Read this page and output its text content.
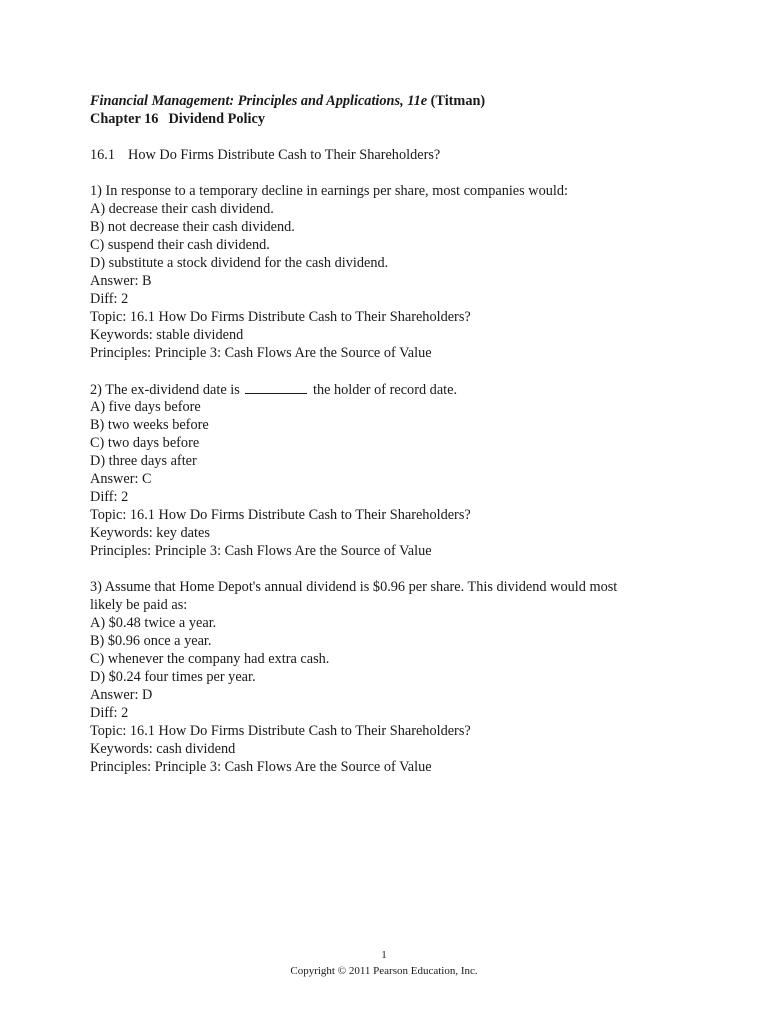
Financial Management: Principles and Applications, 11e (Titman)
Chapter 16 Dividend Policy
16.1 How Do Firms Distribute Cash to Their Shareholders?
1) In response to a temporary decline in earnings per share, most companies would:
A) decrease their cash dividend.
B) not decrease their cash dividend.
C) suspend their cash dividend.
D) substitute a stock dividend for the cash dividend.
Answer: B
Diff: 2
Topic: 16.1 How Do Firms Distribute Cash to Their Shareholders?
Keywords: stable dividend
Principles: Principle 3: Cash Flows Are the Source of Value
2) The ex-dividend date is	the holder of record date.
A) five days before
B) two weeks before
C) two days before
D) three days after
Answer: C
Diff: 2
Topic: 16.1 How Do Firms Distribute Cash to Their Shareholders?
Keywords: key dates
Principles: Principle 3: Cash Flows Are the Source of Value
3) Assume that Home Depot's annual dividend is $0.96 per share. This dividend would most
likely be paid as:
A) $0.48 twice a year.
B) $0.96 once a year.
C) whenever the company had extra cash.
D) $0.24 four times per year.
Answer: D
Diff: 2
Topic: 16.1 How Do Firms Distribute Cash to Their Shareholders?
Keywords: cash dividend
Principles: Principle 3: Cash Flows Are the Source of Value
1
Copyright © 2011 Pearson Education, Inc.
